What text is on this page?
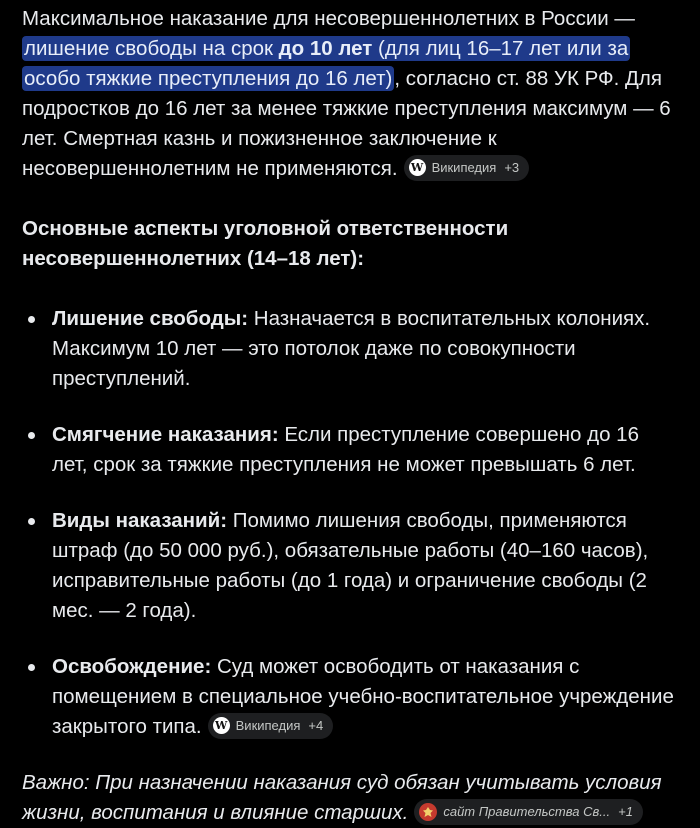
Максимальное наказание для несовершеннолетних в России — лишение свободы на срок до 10 лет (для лиц 16–17 лет или за особо тяжкие преступления до 16 лет), согласно ст. 88 УК РФ. Для подростков до 16 лет за менее тяжкие преступления максимум — 6 лет. Смертная казнь и пожизненное заключение к несовершеннолетним не применяются. W Википедия +3

Основные аспекты уголовной ответственности несовершеннолетних (14–18 лет):

Лишение свободы: Назначается в воспитательных колониях. Максимум 10 лет — это потолок даже по совокупности преступлений.
Смягчение наказания: Если преступление совершено до 16 лет, срок за тяжкие преступления не может превышать 6 лет.
Виды наказаний: Помимо лишения свободы, применяются штраф (до 50 000 руб.), обязательные работы (40–160 часов), исправительные работы (до 1 года) и ограничение свободы (2 мес. — 2 года).
Освобождение: Суд может освободить от наказания с помещением в специальное учебно-воспитательное учреждение закрытого типа. W Википедия +4

Важно: При назначении наказания суд обязан учитывать условия жизни, воспитания и влияние старших.	сайт Правительства Св... +1
